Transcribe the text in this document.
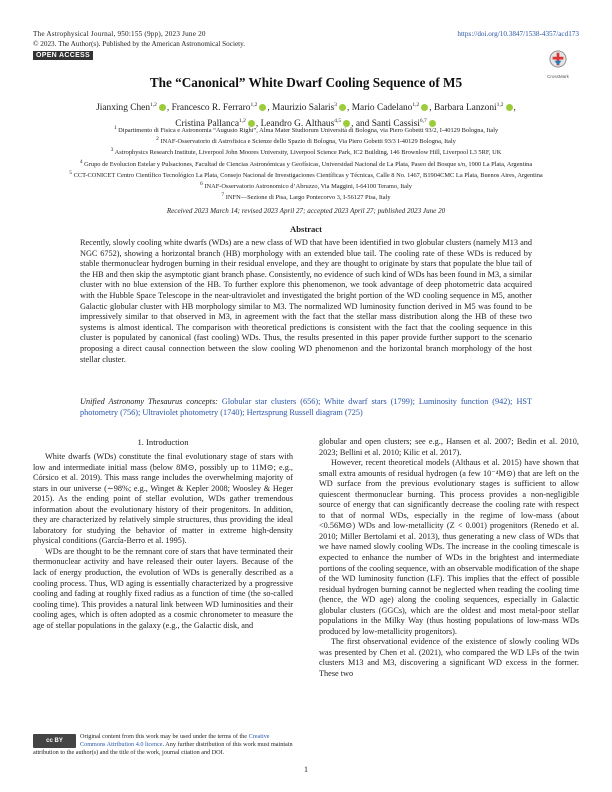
The Astrophysical Journal, 950:155 (9pp), 2023 June 20
© 2023. The Author(s). Published by the American Astronomical Society.
https://doi.org/10.3847/1538-4357/acd173
OPEN ACCESS
CrossMark
The “Canonical” White Dwarf Cooling Sequence of M5
Jianxing Chen$^{1,2}$ , Francesco R. Ferraro$^{1,2}$ , Maurizio Salaris$^3$ , Mario Cadelano$^{1,2}$ , Barbara Lanzoni$^{1,2}$ ,
Cristina Pallanca$^{1,2}$ , Leandro G. Althaus$^{4,5}$ , and Santi Cassisi$^{6,7}$
$^1$ Dipartimento di Fisica e Astronomia “Augusto Righi”, Alma Mater Studiorum Università di Bologna, via Piero Gobetti 93/2, I-40129 Bologna, Italy
$^2$ INAF-Osservatorio di Astrofisica e Scienze dello Spazio di Bologna, Via Piero Gobetti 93/3 I-40129 Bologna, Italy
$^3$ Astrophysics Research Institute, Liverpool John Moores University, Liverpool Science Park, IC2 Building, 146 Brownlow Hill, Liverpool L3 5RF, UK
$^4$ Grupo de Evolucion Estelar y Pulsaciones, Facultad de Ciencias Astronómicas y Geofísicas, Universidad Nacional de La Plata, Paseo del Bosque s/n, 1900 La Plata, Argentina
$^5$ CCT-CONICET Centro Científico Tecnológico La Plata, Consejo Nacional de Investigaciones Científicas y Técnicas, Calle 8 No. 1467, B1904CMC La Plata, Buenos Aires, Argentina
$^6$ INAF-Osservatorio Astronomico d’Abruzzo, Via Maggini, I-64100 Teramo, Italy
$^7$ INFN—Sezione di Pisa, Largo Pontecorvo 3, I-56127 Pisa, Italy
Received 2023 March 14; revised 2023 April 27; accepted 2023 April 27; published 2023 June 20
Abstract
Recently, slowly cooling white dwarfs (WDs) are a new class of WD that have been identified in two globular clusters (namely M13 and NGC 6752), showing a horizontal branch (HB) morphology with an extended blue tail. The cooling rate of these WDs is reduced by stable thermonuclear hydrogen burning in their residual envelope, and they are thought to originate by stars that populate the blue tail of the HB and then skip the asymptotic giant branch phase. Consistently, no evidence of such kind of WDs has been found in M3, a similar cluster with no blue extension of the HB. To further explore this phenomenon, we took advantage of deep photometric data acquired with the Hubble Space Telescope in the near-ultraviolet and investigated the bright portion of the WD cooling sequence in M5, another Galactic globular cluster with HB morphology similar to M3. The normalized WD luminosity function derived in M5 was found to be impressively similar to that observed in M3, in agreement with the fact that the stellar mass distribution along the HB of these two systems is almost identical. The comparison with theoretical predictions is consistent with the fact that the cooling sequence in this cluster is populated by canonical (fast cooling) WDs. Thus, the results presented in this paper provide further support to the scenario proposing a direct causal connection between the slow cooling WD phenomenon and the horizontal branch morphology of the host stellar cluster.
Unified Astronomy Thesaurus concepts: Globular star clusters (656); White dwarf stars (1799); Luminosity function (942); HST photometry (756); Ultraviolet photometry (1740); Hertzsprung Russell diagram (725)
1. Introduction

White dwarfs (WDs) constitute the final evolutionary stage of stars with low and intermediate initial mass (below 8M⊙, possibly up to 11M⊙; e.g., Córsico et al. 2019). This mass range includes the overwhelming majority of stars in our universe (∼98%; e.g., Winget & Kepler 2008; Woosley & Heger 2015). As the ending point of stellar evolution, WDs gather tremendous information about the evolutionary history of their progenitors. In addition, they are characterized by relatively simple structures, thus providing the ideal laboratory for studying the behavior of matter in extreme high-density physical conditions (García-Berro et al. 1995).

WDs are thought to be the remnant core of stars that have terminated their thermonuclear activity and have released their outer layers. Because of the lack of energy production, the evolution of WDs is generally described as a cooling process. Thus, WD aging is essentially characterized by a progressive cooling and fading at roughly fixed radius as a function of time (the so-called cooling time). This provides a natural link between WD luminosities and their cooling ages, which is often adopted as a cosmic chronometer to measure the age of stellar populations in the galaxy (e.g., the Galactic disk, and

globular and open clusters; see e.g., Hansen et al. 2007; Bedin et al. 2010, 2023; Bellini et al. 2010; Kilic et al. 2017).

However, recent theoretical models (Althaus et al. 2015) have shown that small extra amounts of residual hydrogen (a few 10⁻⁴M⊙) that are left on the WD surface from the previous evolutionary stages is sufficient to allow quiescent thermonuclear burning. This process provides a non-negligible source of energy that can significantly decrease the cooling rate with respect to that of normal WDs, especially in the regime of low-mass (about <0.56M⊙) WDs and low-metallicity (Z < 0.001) progenitors (Renedo et al. 2010; Miller Bertolami et al. 2013), thus generating a new class of WDs that we have named slowly cooling WDs. The increase in the cooling timescale is expected to enhance the number of WDs in the brightest and intermediate portions of the cooling sequence, with an observable modification of the shape of the WD luminosity function (LF). This implies that the effect of possible residual hydrogen burning cannot be neglected when reading the cooling time (hence, the WD age) along the cooling sequences, especially in Galactic globular clusters (GGCs), which are the oldest and most metal-poor stellar populations in the Milky Way (thus hosting populations of low-mass WDs produced by low-metallicity progenitors).

The first observational evidence of the existence of slowly cooling WDs was presented by Chen et al. (2021), who compared the WD LFs of the twin clusters M13 and M3, discovering a significant WD excess in the former. These two

cc BY
Original content from this work may be used under the terms of the Creative Commons Attribution 4.0 licence. Any further distribution of this work must maintain attribution to the author(s) and the title of the work, journal citation and DOI.
1
